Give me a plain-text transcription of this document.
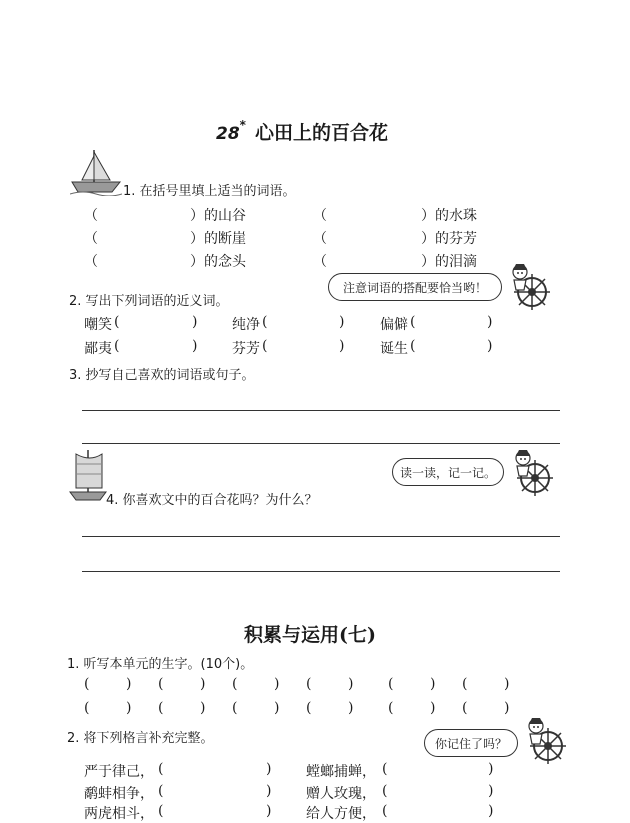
28* 心田上的百合花
1. 在括号里填上适当的词语。
（	）的山谷	（	）的水珠
（	）的断崖	（	）的芬芳
（	）的念头	（	）的泪滴
2. 写出下列词语的近义词。
注意词语的搭配要恰当哟！
嘲笑 (	) 纯净 (	)	偏僻 (	)
鄙夷 (	) 芬芳 (	)	诞生 (	)
3. 抄写自己喜欢的词语或句子。
读一读，记一记。
4. 你喜欢文中的百合花吗？为什么？
积累与运用(七)
1. 听写本单元的生字。(10个)。
(	) (	) (	) (	) (	) (	)
(	) (	) (	) (	) (	) (	)
2. 将下列格言补充完整。	你记住了吗？
严于律己， (	) 螳螂捕蝉， (	)
鹬蚌相争， (	) 赠人玫瑰， (	)
两虎相斗， (	) 给人方便， (	)
